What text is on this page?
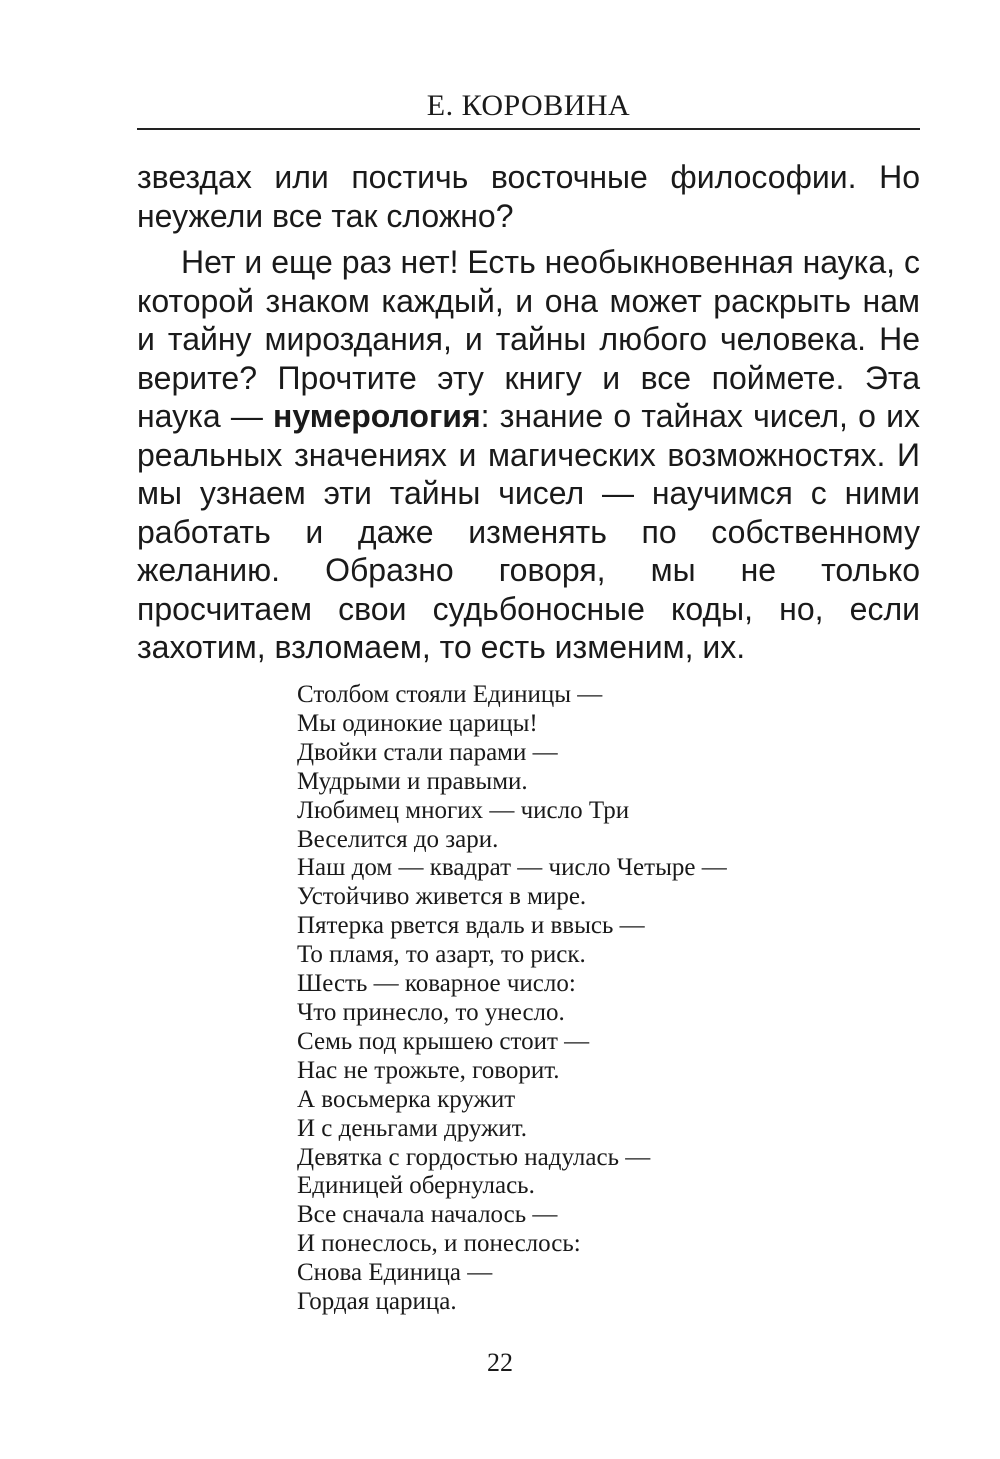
Е. КОРОВИНА

звездах или постичь восточные философии. Но неужели все так сложно?

Нет и еще раз нет! Есть необыкновенная наука, с которой знаком каждый, и она может раскрыть нам и тайну мироздания, и тайны любого человека. Не верите? Прочтите эту книгу и все поймете. Эта наука — нумерология: знание о тайнах чисел, о их реальных значениях и магических возможностях. И мы узнаем эти тайны чисел — научимся с ними работать и даже изменять по собственному желанию. Образно говоря, мы не только просчитаем свои судьбоносные коды, но, если захотим, взломаем, то есть изменим, их.

Столбом стояли Единицы —
Мы одинокие царицы!
Двойки стали парами —
Мудрыми и правыми.
Любимец многих — число Три
Веселится до зари.
Наш дом — квадрат — число Четыре —
Устойчиво живется в мире.
Пятерка рвется вдаль и ввысь —
То пламя, то азарт, то риск.
Шесть — коварное число:
Что принесло, то унесло.
Семь под крышею стоит —
Нас не трожьте, говорит.
А восьмерка кружит
И с деньгами дружит.
Девятка с гордостью надулась —
Единицей обернулась.
Все сначала началось —
И понеслось, и понеслось:
Снова Единица —
Гордая царица.
22
